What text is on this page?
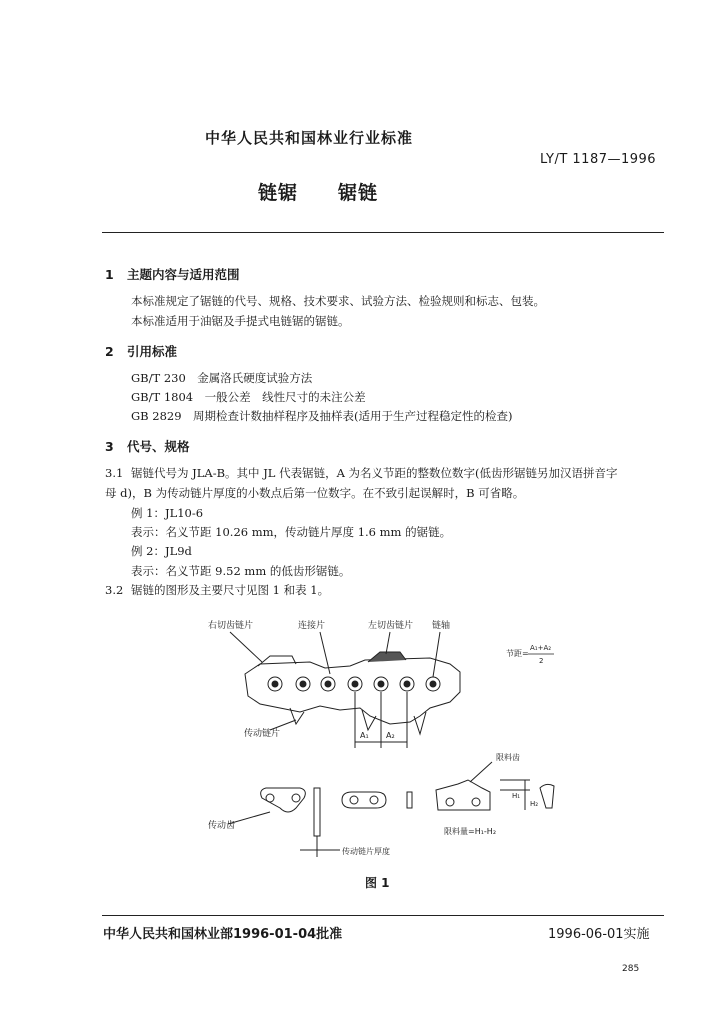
中华人民共和国林业行业标准
LY/T 1187—1996
链锯　　锯链
1 主题内容与适用范围
本标准规定了锯链的代号、规格、技术要求、试验方法、检验规则和标志、包装。
本标准适用于油锯及手提式电链锯的锯链。
2 引用标准
GB/T 230　金属洛氏硬度试验方法
GB/T 1804　一般公差　线性尺寸的未注公差
GB 2829　周期检查计数抽样程序及抽样表(适用于生产过程稳定性的检查)
3 代号、规格
3.1 锯链代号为 JLA-B。其中 JL 代表锯链，A 为名义节距的整数位数字(低齿形锯链另加汉语拼音字
母 d)，B 为传动链片厚度的小数点后第一位数字。在不致引起误解时，B 可省略。
例 1：JL10-6
表示：名义节距 10.26 mm，传动链片厚度 1.6 mm 的锯链。
例 2：JL9d
表示：名义节距 9.52 mm 的低齿形锯链。
3.2 锯链的图形及主要尺寸见图 1 和表 1。
右切齿链片	连接片	左切齿链片 链轴
节距=
A₁+A₂
2
A₁ A₂
传动链片
传动齿
限料齿
H₁
H₂
限料量=H₁-H₂
传动链片厚度
图 1
中华人民共和国林业部1996-01-04批准	1996-06-01实施
285
